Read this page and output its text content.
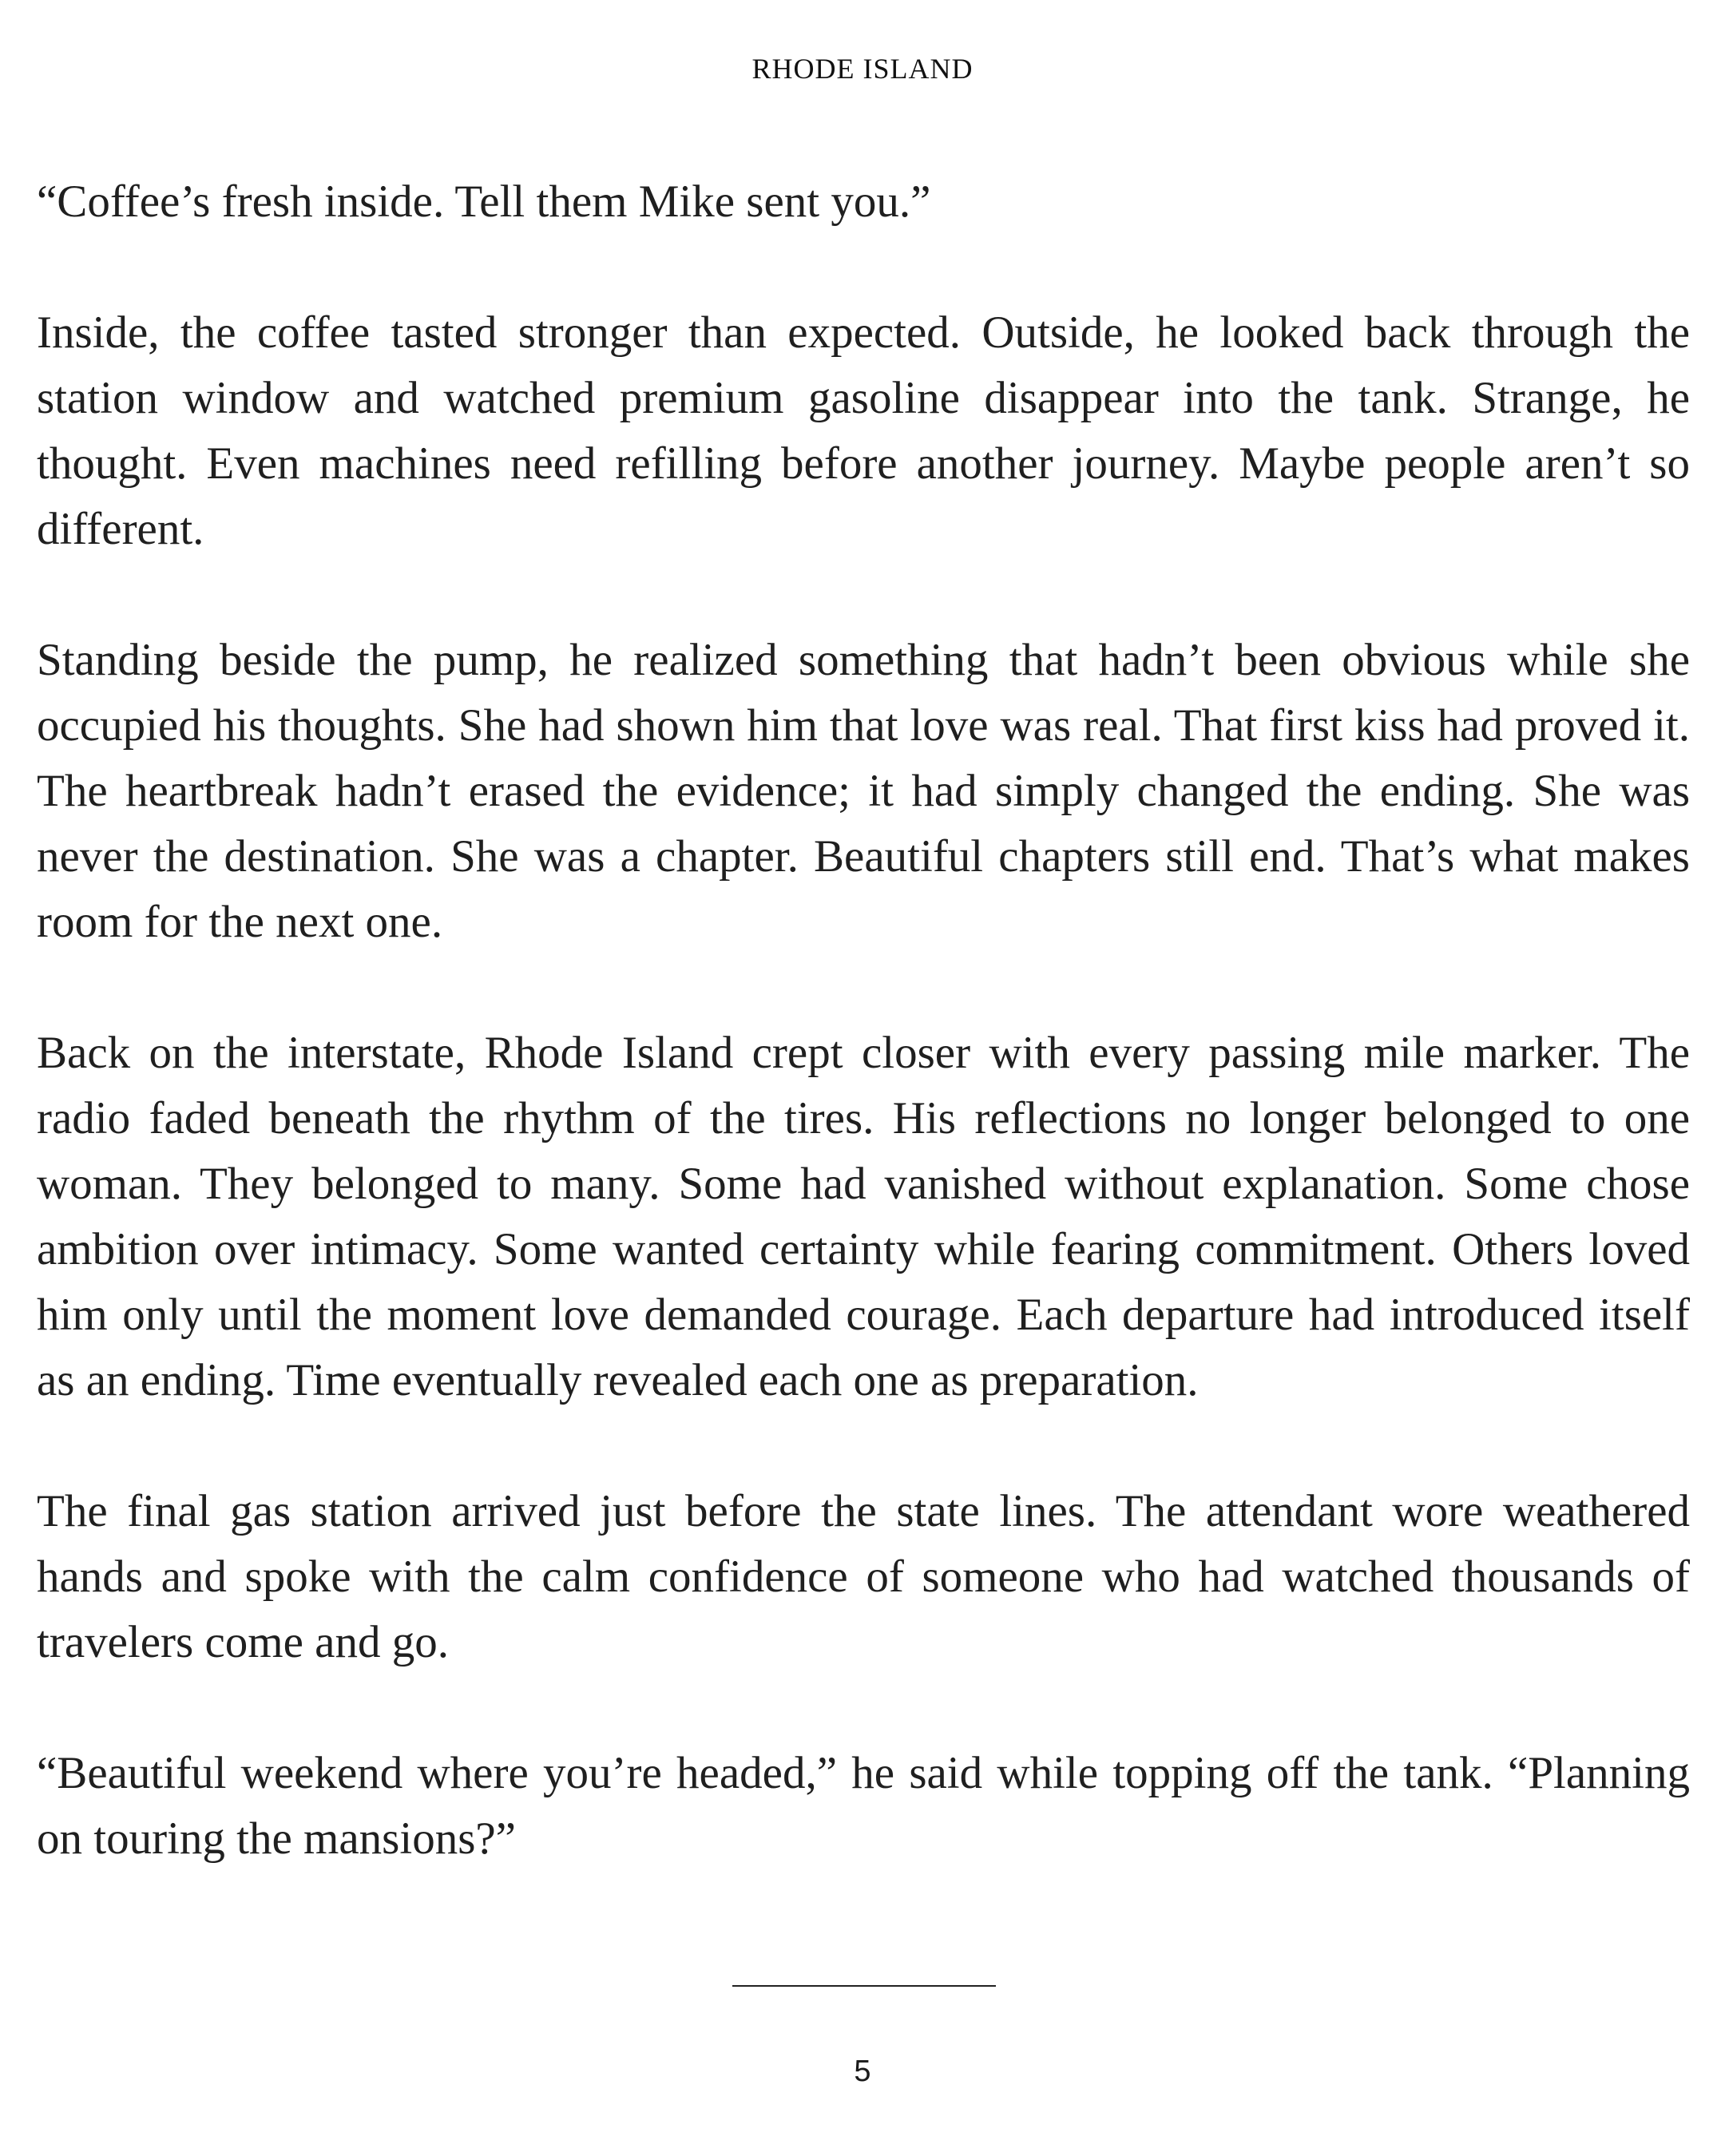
RHODE ISLAND

“Coffee’s fresh inside. Tell them Mike sent you.”

Inside, the coffee tasted stronger than expected. Outside, he looked back through the station window and watched premium gasoline disappear into the tank. Strange, he thought. Even machines need refilling before another journey. Maybe people aren’t so different.

Standing beside the pump, he realized something that hadn’t been obvious while she occupied his thoughts. She had shown him that love was real. That first kiss had proved it. The heartbreak hadn’t erased the evidence; it had simply changed the ending. She was never the destination. She was a chapter. Beautiful chapters still end. That’s what makes room for the next one.

Back on the interstate, Rhode Island crept closer with every passing mile marker. The radio faded beneath the rhythm of the tires. His reflections no longer belonged to one woman. They belonged to many. Some had vanished without explanation. Some chose ambition over intimacy. Some wanted certainty while fearing commitment. Others loved him only until the moment love demanded courage. Each departure had introduced itself as an ending. Time eventually revealed each one as preparation.

The final gas station arrived just before the state lines. The attendant wore weathered hands and spoke with the calm confidence of someone who had watched thousands of travelers come and go.

“Beautiful weekend where you’re headed,” he said while topping off the tank. “Planning on touring the mansions?”

5
